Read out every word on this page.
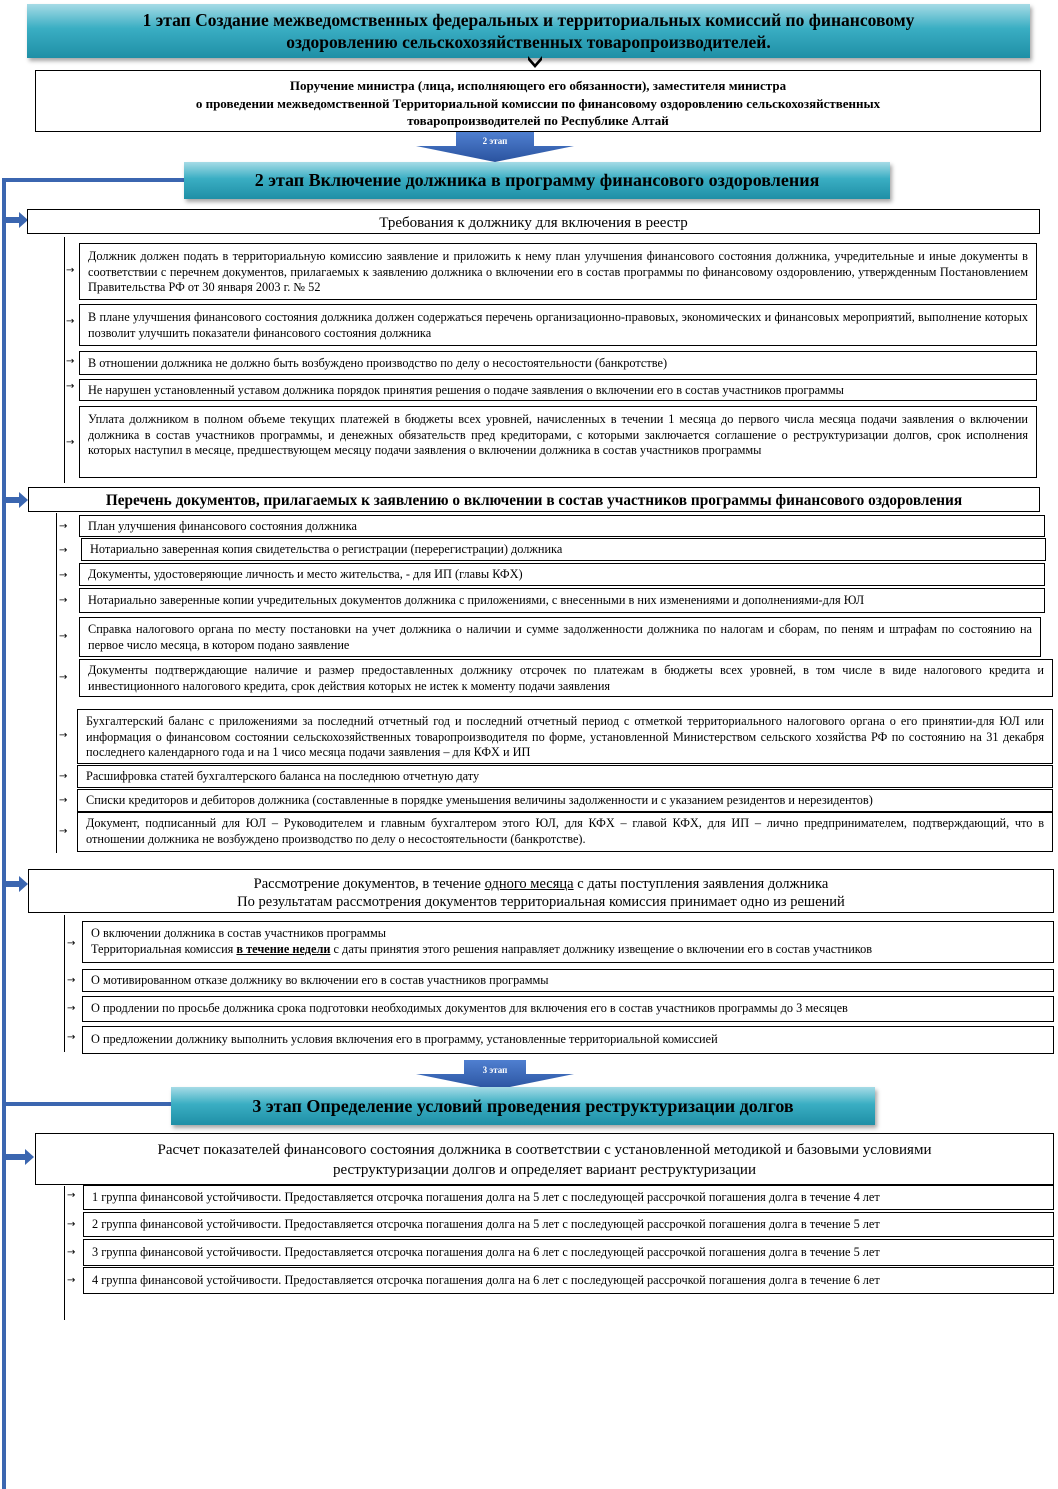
1 этап Создание межведомственных федеральных и территориальных комиссий по финансовому
оздоровлению сельскохозяйственных товаропроизводителей.
Поручение министра (лица, исполняющего его обязанности), заместителя министра
о проведении межведомственной Территориальной комиссии по финансовому оздоровлению сельскохозяйственных
товаропроизводителей по Республике Алтай
2 этап
2 этап Включение должника в программу финансового оздоровления
Требования к должнику для включения в реестр
→
Должник должен подать в территориальную комиссию заявление и приложить к нему план улучшения финансового состояния должника, учредительные и иные документы в соответствии с перечнем документов, прилагаемых к заявлению должника о включении его в состав программы по финансовому оздоровлению, утвержденным Постановлением Правительства РФ от 30 января 2003 г. № 52
→	В плане улучшения финансового состояния должника должен содержаться перечень организационно-правовых, экономических и финансовых мероприятий, выполнение которых позволит улучшить показатели финансового состояния должника
→	В отношении должника не должно быть возбуждено производство по делу о несостоятельности (банкротстве)
→	Не нарушен установленный уставом должника порядок принятия решения о подаче заявления о включении его в состав участников программы
→
Уплата должником в полном объеме текущих платежей в бюджеты всех уровней, начисленных в течении 1 месяца до первого числа месяца подачи заявления о включении должника в состав участников программы, и денежных обязательств пред кредиторами, с которыми заключается соглашение о реструктуризации долгов, срок исполнения которых наступил в месяце, предшествующем месяцу подачи заявления о включении должника в состав участников программы
Перечень документов, прилагаемых к заявлению о включении в состав участников программы финансового оздоровления
→	План улучшения финансового состояния должника
→	Нотариально заверенная копия свидетельства о регистрации (перерегистрации) должника
→	Документы, удостоверяющие личность и место жительства, - для ИП (главы КФХ)
→	Нотариально заверенные копии учредительных документов должника с приложениями, с внесенными в них изменениями и дополнениями-для ЮЛ
→
Справка налогового органа по месту постановки на учет должника о наличии и сумме задолженности должника по налогам и сборам, по пеням и штрафам по состоянию на первое число месяца, в котором подано заявление
→
Документы подтверждающие наличие и размер предоставленных должнику отсрочек по платежам в бюджеты всех уровней, в том числе в виде налогового кредита и инвестиционного налогового кредита, срок действия которых не истек к моменту подачи заявления
→
Бухгалтерский баланс с приложениями за последний отчетный год и последний отчетный период с отметкой территориального налогового органа о его принятии-для ЮЛ или информация о финансовом состоянии сельскохозяйственных товаропроизводителя по форме, установленной Министерством сельского хозяйства РФ по состоянию на 31 декабря последнего календарного года и на 1 чисо месяца подачи заявления – для КФХ и ИП
→	Расшифровка статей бухгалтерского баланса на последнюю отчетную дату
→	Списки кредиторов и дебиторов должника (составленные в порядке уменьшения величины задолженности и с указанием резидентов и нерезидентов)
→
Документ, подписанный для ЮЛ – Руководителем и главным бухгалтером этого ЮЛ, для КФХ – главой КФХ, для ИП – лично предпринимателем, подтверждающий, что в отношении должника не возбуждено производство по делу о несостоятельности (банкротстве).
Рассмотрение документов, в течение одного месяца с даты поступления заявления должника
По результатам рассмотрения документов территориальная комиссия принимает одно из решений
→
О включении должника в состав участников программы
Территориальная комиссия в течение недели с даты принятия этого решения направляет должнику извещение о включении его в состав участников
→	О мотивированном отказе должнику во включении его в состав участников программы
→	О продлении по просьбе должника срока подготовки необходимых документов для включения его в состав участников программы до 3 месяцев
→	О предложении должнику выполнить условия включения его в программу, установленные территориальной комиссией
3 этап
3 этап Определение условий проведения реструктуризации долгов
Расчет показателей финансового состояния должника в соответствии с установленной методикой и базовыми условиями
реструктуризации долгов и определяет вариант реструктуризации
→	1 группа финансовой устойчивости. Предоставляется отсрочка погашения долга на 5 лет с последующей рассрочкой погашения долга в течение 4 лет
→	2 группа финансовой устойчивости. Предоставляется отсрочка погашения долга на 5 лет с последующей рассрочкой погашения долга в течение 5 лет
→	3 группа финансовой устойчивости. Предоставляется отсрочка погашения долга на 6 лет с последующей рассрочкой погашения долга в течение 5 лет
→	4 группа финансовой устойчивости. Предоставляется отсрочка погашения долга на 6 лет с последующей рассрочкой погашения долга в течение 6 лет
